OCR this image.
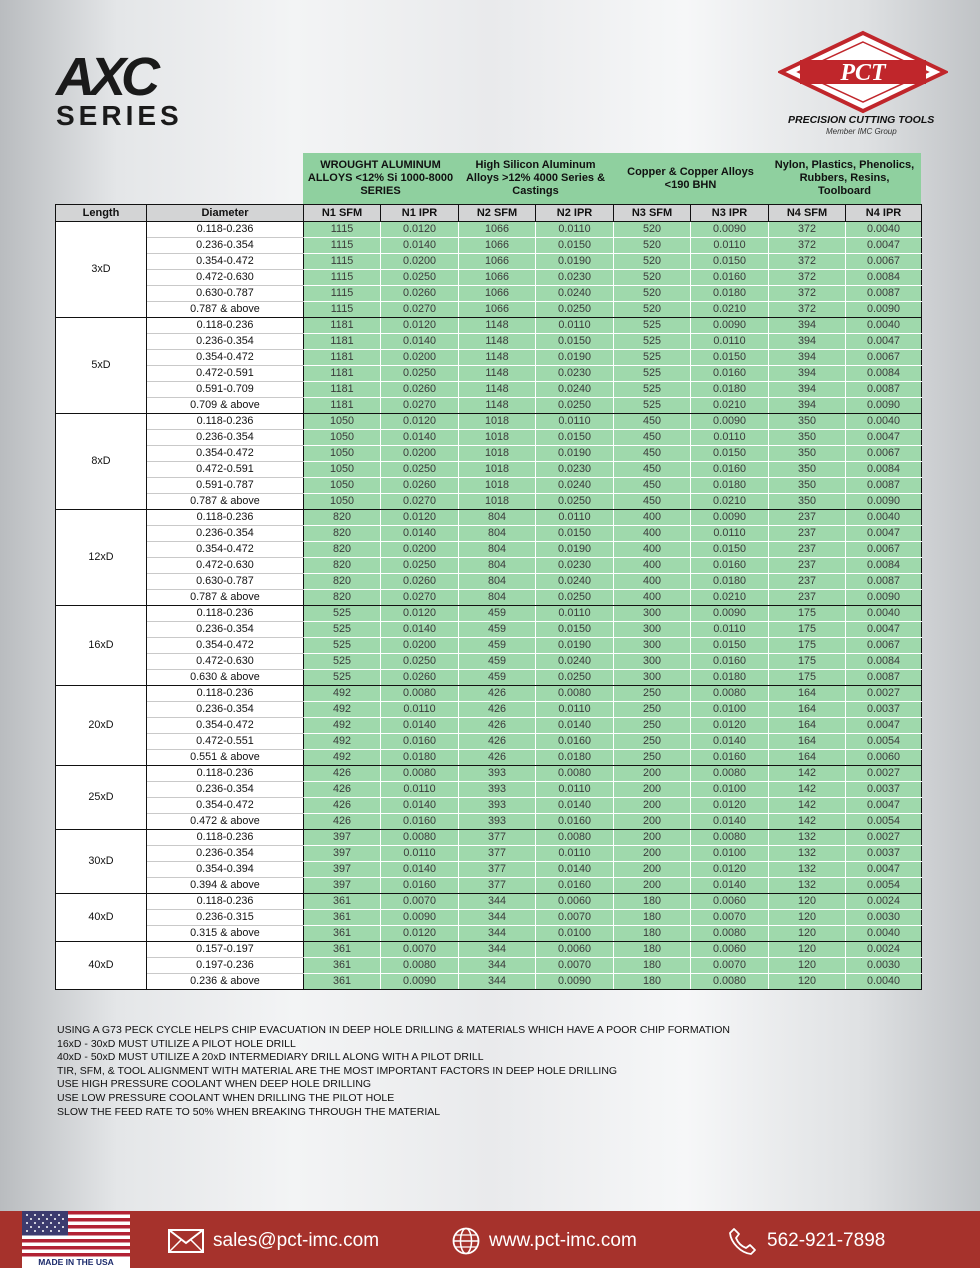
AXC
SERIES
PCT
PRECISION CUTTING TOOLS
Member IMC Group
WROUGHT ALUMINUM ALLOYS <12% Si 1000-8000 SERIES
High Silicon Aluminum Alloys >12% 4000 Series & Castings
Copper & Copper Alloys <190 BHN
Nylon, Plastics, Phenolics, Rubbers, Resins, Toolboard
Length	Diameter	N1 SFM	N1 IPR	N2 SFM	N2 IPR	N3 SFM	N3 IPR	N4 SFM	N4 IPR
3xD	0.118-0.236	1115	0.0120	1066	0.0110	520	0.0090	372	0.0040
	0.236-0.354	1115	0.0140	1066	0.0150	520	0.0110	372	0.0047
	0.354-0.472	1115	0.0200	1066	0.0190	520	0.0150	372	0.0067
	0.472-0.630	1115	0.0250	1066	0.0230	520	0.0160	372	0.0084
	0.630-0.787	1115	0.0260	1066	0.0240	520	0.0180	372	0.0087
	0.787 & above	1115	0.0270	1066	0.0250	520	0.0210	372	0.0090
5xD	0.118-0.236	1181	0.0120	1148	0.0110	525	0.0090	394	0.0040
	0.236-0.354	1181	0.0140	1148	0.0150	525	0.0110	394	0.0047
	0.354-0.472	1181	0.0200	1148	0.0190	525	0.0150	394	0.0067
	0.472-0.591	1181	0.0250	1148	0.0230	525	0.0160	394	0.0084
	0.591-0.709	1181	0.0260	1148	0.0240	525	0.0180	394	0.0087
	0.709 & above	1181	0.0270	1148	0.0250	525	0.0210	394	0.0090
8xD	0.118-0.236	1050	0.0120	1018	0.0110	450	0.0090	350	0.0040
	0.236-0.354	1050	0.0140	1018	0.0150	450	0.0110	350	0.0047
	0.354-0.472	1050	0.0200	1018	0.0190	450	0.0150	350	0.0067
	0.472-0.591	1050	0.0250	1018	0.0230	450	0.0160	350	0.0084
	0.591-0.787	1050	0.0260	1018	0.0240	450	0.0180	350	0.0087
	0.787 & above	1050	0.0270	1018	0.0250	450	0.0210	350	0.0090
12xD	0.118-0.236	820	0.0120	804	0.0110	400	0.0090	237	0.0040
	0.236-0.354	820	0.0140	804	0.0150	400	0.0110	237	0.0047
	0.354-0.472	820	0.0200	804	0.0190	400	0.0150	237	0.0067
	0.472-0.630	820	0.0250	804	0.0230	400	0.0160	237	0.0084
	0.630-0.787	820	0.0260	804	0.0240	400	0.0180	237	0.0087
	0.787 & above	820	0.0270	804	0.0250	400	0.0210	237	0.0090
16xD	0.118-0.236	525	0.0120	459	0.0110	300	0.0090	175	0.0040
	0.236-0.354	525	0.0140	459	0.0150	300	0.0110	175	0.0047
	0.354-0.472	525	0.0200	459	0.0190	300	0.0150	175	0.0067
	0.472-0.630	525	0.0250	459	0.0240	300	0.0160	175	0.0084
	0.630 & above	525	0.0260	459	0.0250	300	0.0180	175	0.0087
20xD	0.118-0.236	492	0.0080	426	0.0080	250	0.0080	164	0.0027
	0.236-0.354	492	0.0110	426	0.0110	250	0.0100	164	0.0037
	0.354-0.472	492	0.0140	426	0.0140	250	0.0120	164	0.0047
	0.472-0.551	492	0.0160	426	0.0160	250	0.0140	164	0.0054
	0.551 & above	492	0.0180	426	0.0180	250	0.0160	164	0.0060
25xD	0.118-0.236	426	0.0080	393	0.0080	200	0.0080	142	0.0027
	0.236-0.354	426	0.0110	393	0.0110	200	0.0100	142	0.0037
	0.354-0.472	426	0.0140	393	0.0140	200	0.0120	142	0.0047
	0.472 & above	426	0.0160	393	0.0160	200	0.0140	142	0.0054
30xD	0.118-0.236	397	0.0080	377	0.0080	200	0.0080	132	0.0027
	0.236-0.354	397	0.0110	377	0.0110	200	0.0100	132	0.0037
	0.354-0.394	397	0.0140	377	0.0140	200	0.0120	132	0.0047
	0.394 & above	397	0.0160	377	0.0160	200	0.0140	132	0.0054
40xD	0.118-0.236	361	0.0070	344	0.0060	180	0.0060	120	0.0024
	0.236-0.315	361	0.0090	344	0.0070	180	0.0070	120	0.0030
	0.315 & above	361	0.0120	344	0.0100	180	0.0080	120	0.0040
40xD	0.157-0.197	361	0.0070	344	0.0060	180	0.0060	120	0.0024
	0.197-0.236	361	0.0080	344	0.0070	180	0.0070	120	0.0030
	0.236 & above	361	0.0090	344	0.0090	180	0.0080	120	0.0040
USING A G73 PECK CYCLE HELPS CHIP EVACUATION IN DEEP HOLE DRILLING & MATERIALS WHICH HAVE A POOR CHIP FORMATION
16xD - 30xD MUST UTILIZE A PILOT HOLE DRILL
40xD - 50xD MUST UTILIZE A 20xD INTERMEDIARY DRILL ALONG WITH A PILOT DRILL
TIR, SFM, & TOOL ALIGNMENT WITH MATERIAL ARE THE MOST IMPORTANT FACTORS IN DEEP HOLE DRILLING
USE HIGH PRESSURE COOLANT WHEN DEEP HOLE DRILLING
USE LOW PRESSURE COOLANT WHEN DRILLING THE PILOT HOLE
SLOW THE FEED RATE TO 50% WHEN BREAKING THROUGH THE MATERIAL
MADE IN THE USA
sales@pct-imc.com	www.pct-imc.com	562-921-7898
